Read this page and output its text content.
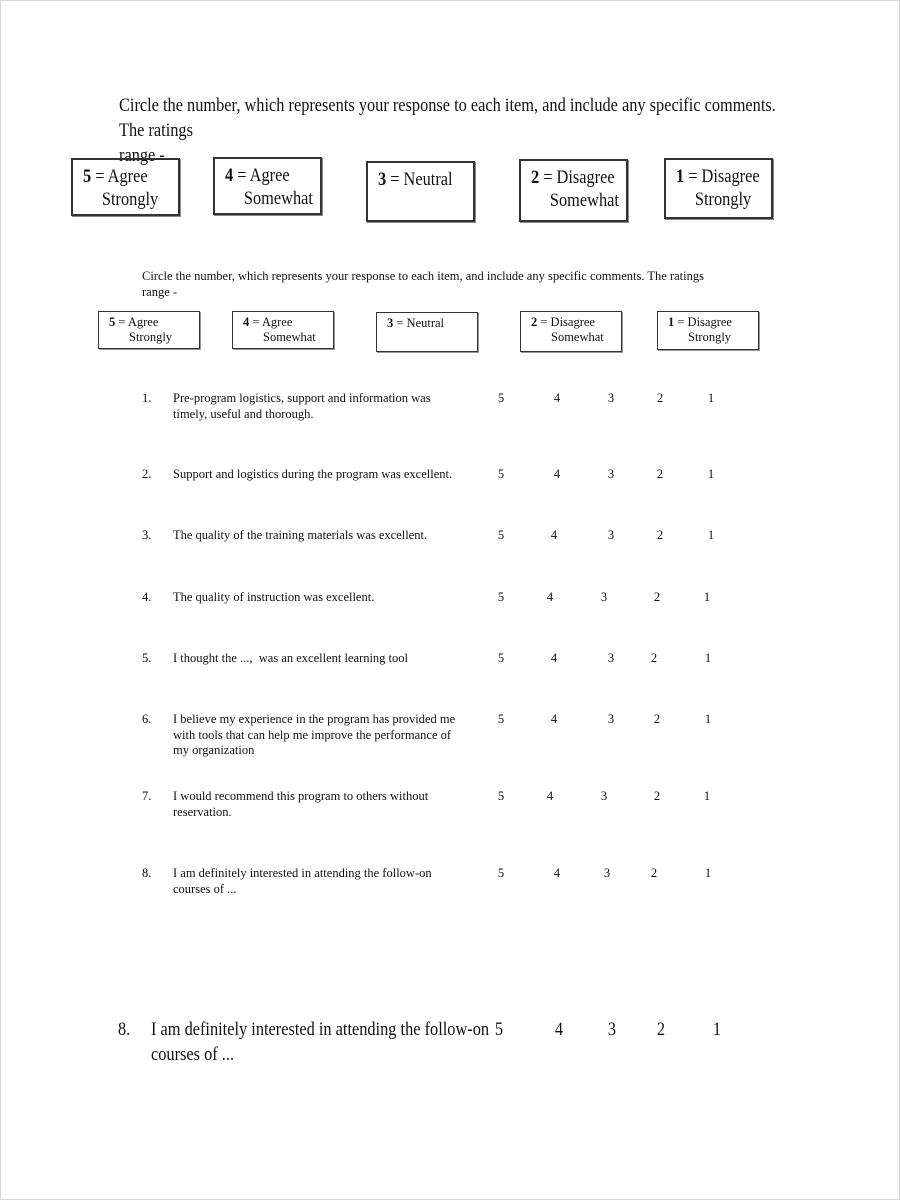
Circle the number, which represents your response to each item, and include any specific comments. The ratings
range -
5 = Agree
Strongly
4 = Agree
Somewhat
3 = Neutral	2 = Disagree
Somewhat
1 = Disagree
Strongly
Circle the number, which represents your response to each item, and include any specific comments. The ratings
range -
5 = Agree
Strongly
4 = Agree
Somewhat
3 = Neutral	2 = Disagree
Somewhat
1 = Disagree
Strongly
1. Pre-program logistics, support and information was
timely, useful and thorough.
5	4	3	2	1
2. Support and logistics during the program was excellent.	5	4	3	2	1
3. The quality of the training materials was excellent.	5	4	3	2	1
4. The quality of instruction was excellent.	5	4	3	2	1
5. I thought the ...,  was an excellent learning tool	5	4	3	2	1
6. I believe my experience in the program has provided me
with tools that can help me improve the performance of
my organization
5	4	3	2	1
7. I would recommend this program to others without
reservation.
5	4	3	2	1
8. I am definitely interested in attending the follow-on
courses of ...
5	4	3	2	1
8. I am definitely interested in attending the follow-on
courses of ...
5	4 3 2	1
